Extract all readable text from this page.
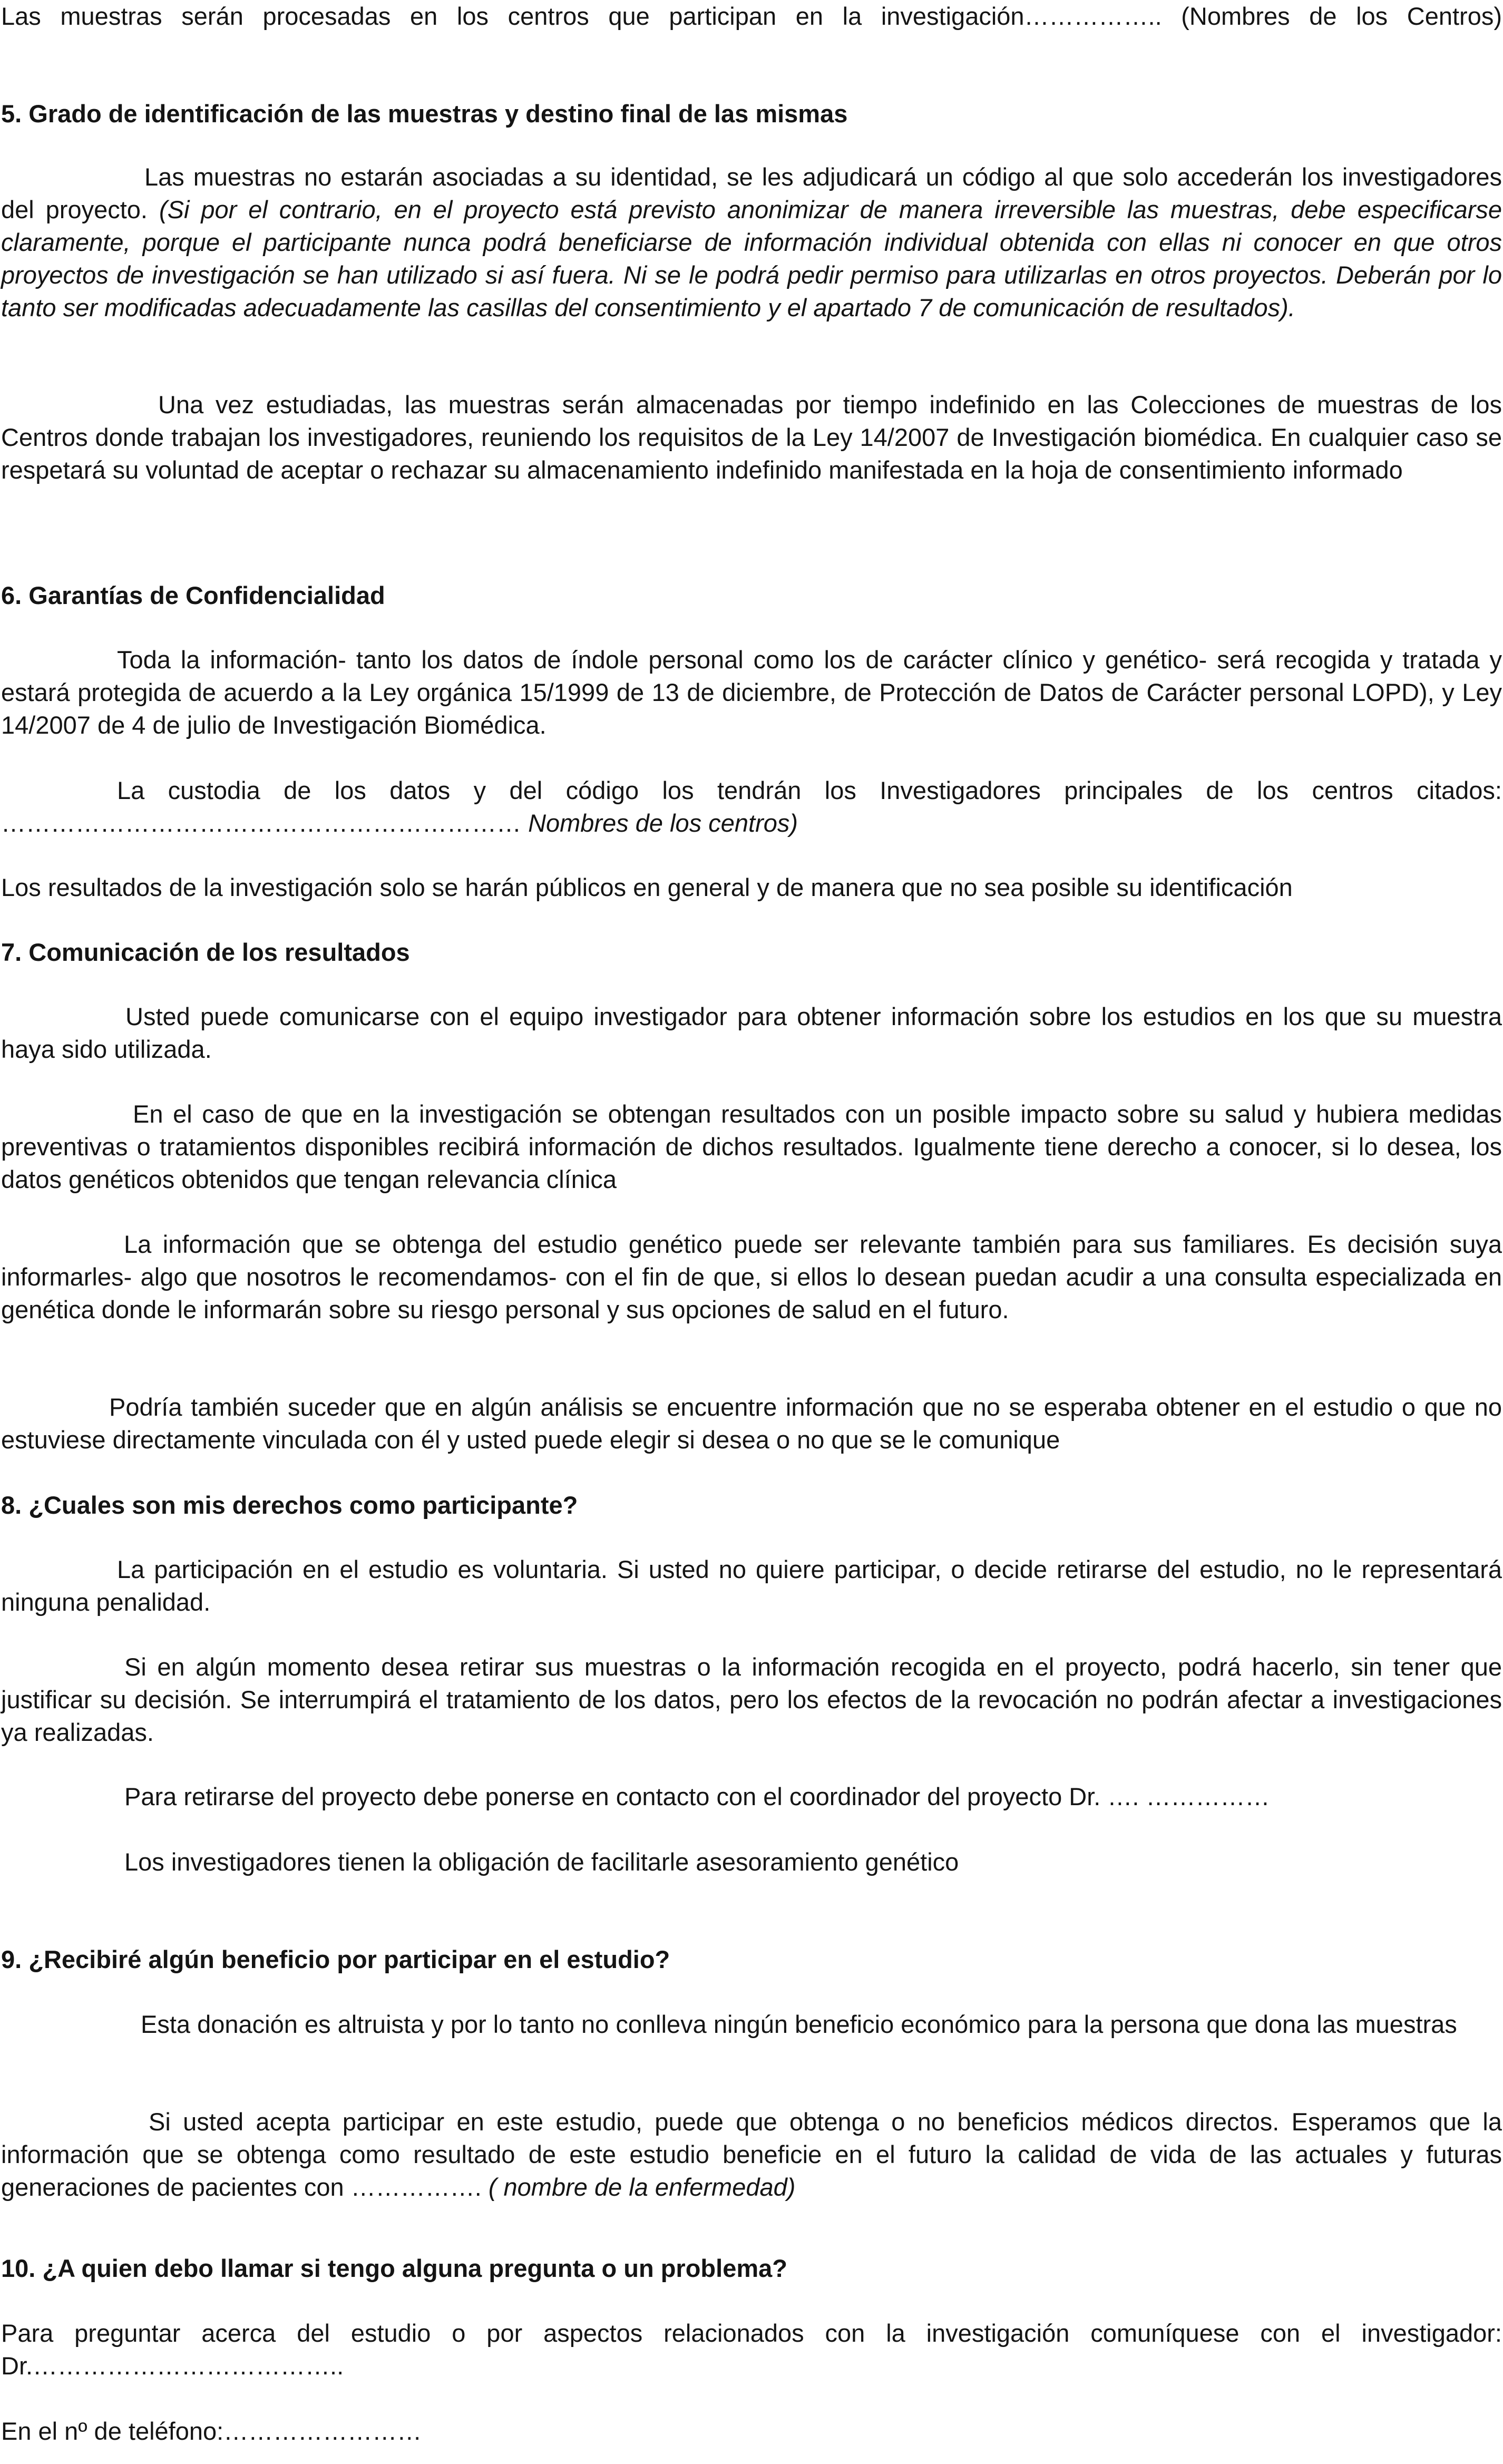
Las muestras serán procesadas en los centros que participan en la investigación…………….. (Nombres de los Centros)
5. Grado de identificación de las muestras y destino final de las mismas

Las muestras no estarán asociadas a su identidad, se les adjudicará un código al que solo accederán los investigadores del proyecto. (Si por el contrario, en el proyecto está previsto anonimizar de manera irreversible las muestras, debe especificarse claramente, porque el participante nunca podrá beneficiarse de información individual obtenida con ellas ni conocer en que otros proyectos de investigación se han utilizado si así fuera. Ni se le podrá pedir permiso para utilizarlas en otros proyectos. Deberán por lo tanto ser modificadas adecuadamente las casillas del consentimiento y el apartado 7 de comunicación de resultados).

Una vez estudiadas, las muestras serán almacenadas por tiempo indefinido en las Colecciones de muestras de los Centros donde trabajan los investigadores, reuniendo los requisitos de la Ley 14/2007 de Investigación biomédica. En cualquier caso se respetará su voluntad de aceptar o rechazar su almacenamiento indefinido manifestada en la hoja de consentimiento informado

6. Garantías de Confidencialidad

Toda la información- tanto los datos de índole personal como los de carácter clínico y genético- será recogida y tratada y estará protegida de acuerdo a la Ley orgánica 15/1999 de 13 de diciembre, de Protección de Datos de Carácter personal LOPD), y Ley 14/2007 de 4 de julio de Investigación Biomédica.

La custodia de los datos y del código los tendrán los Investigadores principales de los centros citados:
……………………………………………………… Nombres de los centros)
Los resultados de la investigación solo se harán públicos en general y de manera que no sea posible su identificación
7. Comunicación de los resultados

Usted puede comunicarse con el equipo investigador para obtener información sobre los estudios en los que su muestra haya sido utilizada.

En el caso de que en la investigación se obtengan resultados con un posible impacto sobre su salud y hubiera medidas preventivas o tratamientos disponibles recibirá información de dichos resultados. Igualmente tiene derecho a conocer, si lo desea, los datos genéticos obtenidos que tengan relevancia clínica

La información que se obtenga del estudio genético puede ser relevante también para sus familiares. Es decisión suya informarles- algo que nosotros le recomendamos- con el fin de que, si ellos lo desean puedan acudir a una consulta especializada en genética donde le informarán sobre su riesgo personal y sus opciones de salud en el futuro.

Podría también suceder que en algún análisis se encuentre información que no se esperaba obtener en el estudio o que no estuviese directamente vinculada con él y usted puede elegir si desea o no que se le comunique

8. ¿Cuales son mis derechos como participante?

La participación en el estudio es voluntaria. Si usted no quiere participar, o decide retirarse del estudio, no le representará ninguna penalidad.

Si en algún momento desea retirar sus muestras o la información recogida en el proyecto, podrá hacerlo, sin tener que justificar su decisión. Se interrumpirá el tratamiento de los datos, pero los efectos de la revocación no podrán afectar a investigaciones ya realizadas.

Para retirarse del proyecto debe ponerse en contacto con el coordinador del proyecto Dr. …. ……………
Los investigadores tienen la obligación de facilitarle asesoramiento genético
9. ¿Recibiré algún beneficio por participar en el estudio?

Esta donación es altruista y por lo tanto no conlleva ningún beneficio económico para la persona que dona las muestras

Si usted acepta participar en este estudio, puede que obtenga o no beneficios médicos directos. Esperamos que la información que se obtenga como resultado de este estudio beneficie en el futuro la calidad de vida de las actuales y futuras generaciones de pacientes con ……………. ( nombre de la enfermedad)

10. ¿A quien debo llamar si tengo alguna pregunta o un problema?

Para preguntar acerca del estudio o por aspectos relacionados con la investigación comuníquese con el investigador: Dr.………………………………..

En el nº de teléfono:……………………
